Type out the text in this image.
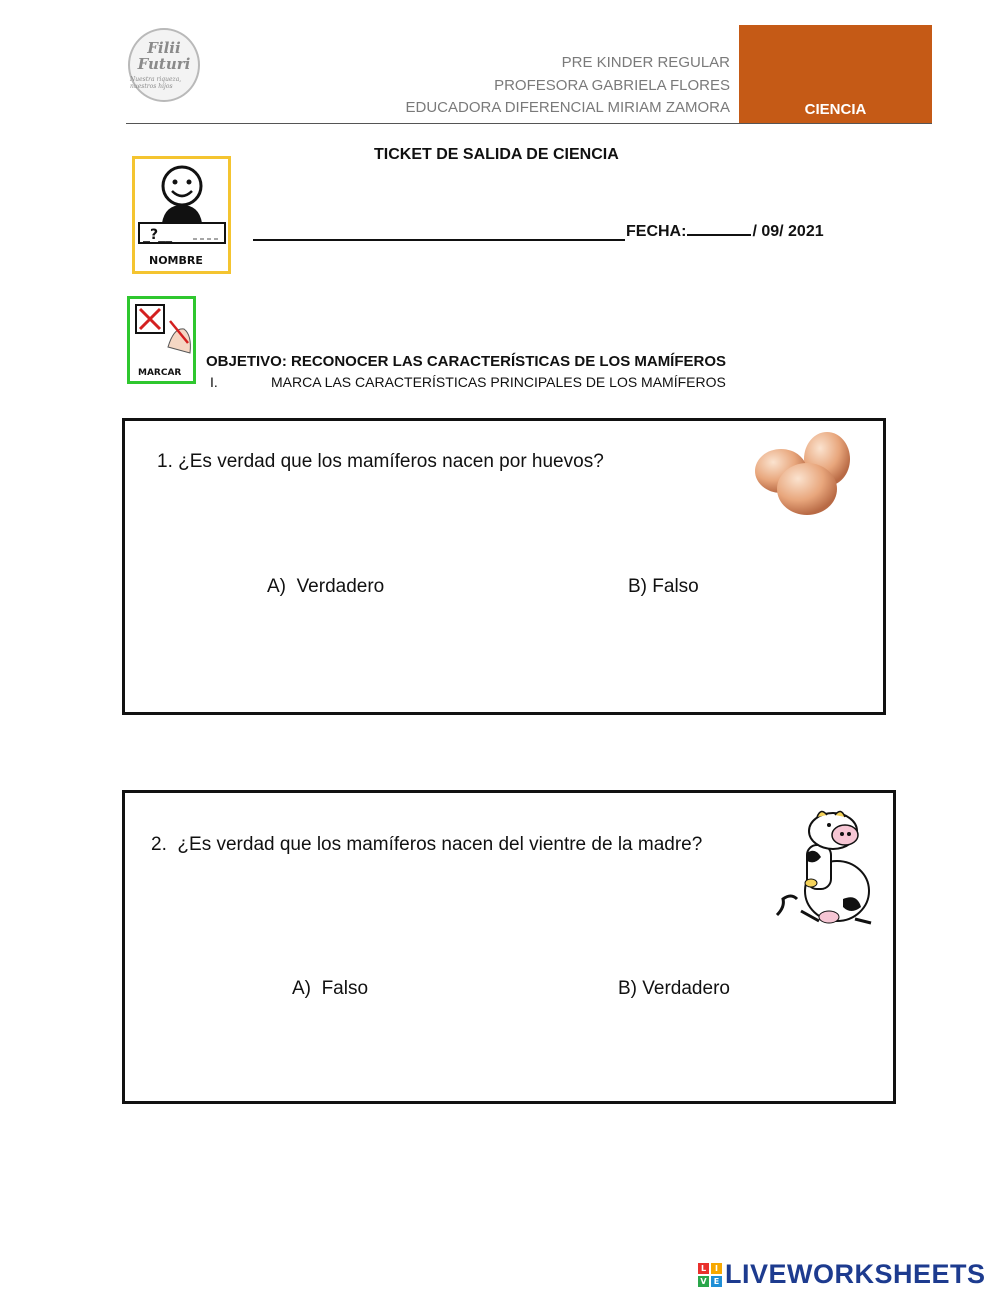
Filii
Futuri
Nuestra riqueza, nuestros hijos
PRE KINDER REGULAR
PROFESORA GABRIELA FLORES
EDUCADORA DIFERENCIAL MIRIAM ZAMORA	CIENCIA
TICKET DE SALIDA DE CIENCIA
_?__
NOMBRE
FECHA:	/ 09/ 2021
MARCAR
OBJETIVO: RECONOCER LAS CARACTERÍSTICAS DE LOS MAMÍFEROS
I.	MARCA LAS CARACTERÍSTICAS PRINCIPALES DE LOS MAMÍFEROS
1. ¿Es verdad que los mamíferos nacen por huevos?
A) Verdadero	B) Falso
2. ¿Es verdad que los mamíferos nacen del vientre de la madre?
A) Falso	B) Verdadero
L	I
V E LIVEWORKSHEETS
